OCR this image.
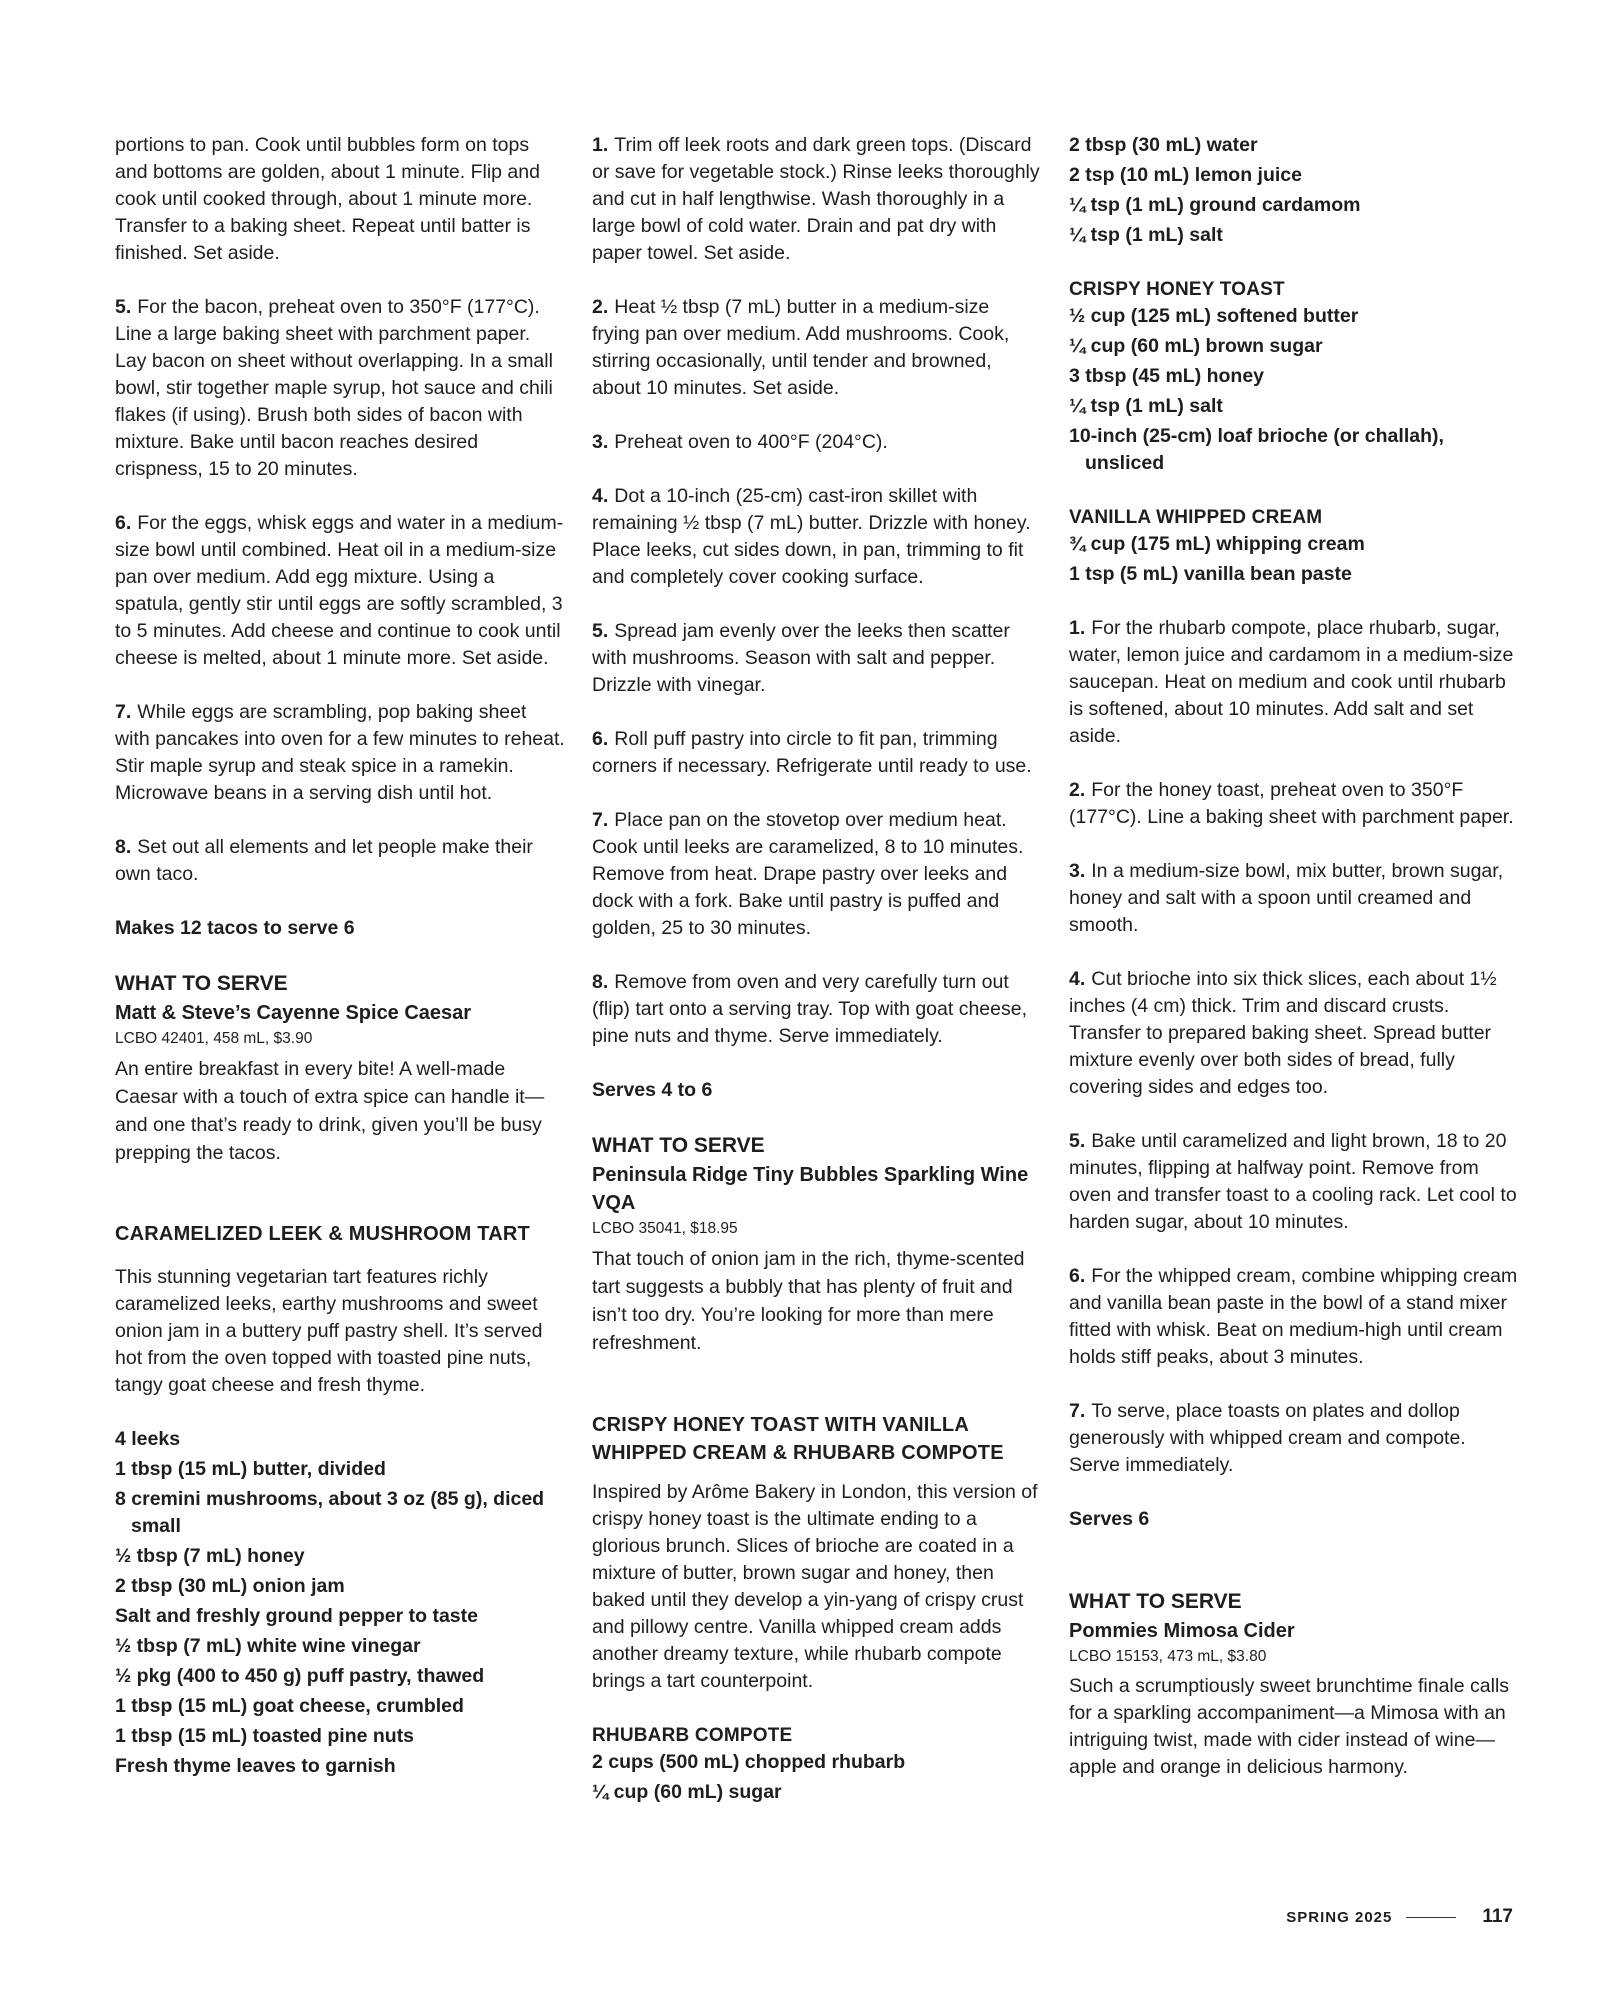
portions to pan. Cook until bubbles form on tops and bottoms are golden, about 1 minute. Flip and cook until cooked through, about 1 minute more. Transfer to a baking sheet. Repeat until batter is finished. Set aside.

5. For the bacon, preheat oven to 350°F (177°C). Line a large baking sheet with parchment paper. Lay bacon on sheet without overlapping. In a small bowl, stir together maple syrup, hot sauce and chili flakes (if using). Brush both sides of bacon with mixture. Bake until bacon reaches desired crispness, 15 to 20 minutes.

6. For the eggs, whisk eggs and water in a medium-size bowl until combined. Heat oil in a medium-size pan over medium. Add egg mixture. Using a spatula, gently stir until eggs are softly scrambled, 3 to 5 minutes. Add cheese and continue to cook until cheese is melted, about 1 minute more. Set aside.

7. While eggs are scrambling, pop baking sheet with pancakes into oven for a few minutes to reheat. Stir maple syrup and steak spice in a ramekin. Microwave beans in a serving dish until hot.

8. Set out all elements and let people make their own taco.

Makes 12 tacos to serve 6

WHAT TO SERVE
Matt & Steve’s Cayenne Spice Caesar
LCBO 42401, 458 mL, $3.90

An entire breakfast in every bite! A well-made Caesar with a touch of extra spice can handle it—and one that’s ready to drink, given you’ll be busy prepping the tacos.

CARAMELIZED LEEK & MUSHROOM TART

This stunning vegetarian tart features richly caramelized leeks, earthy mushrooms and sweet onion jam in a buttery puff pastry shell. It’s served hot from the oven topped with toasted pine nuts, tangy goat cheese and fresh thyme.

4 leeks
1 tbsp (15 mL) butter, divided
8 cremini mushrooms, about 3 oz (85 g), diced small
½ tbsp (7 mL) honey
2 tbsp (30 mL) onion jam
Salt and freshly ground pepper to taste
½ tbsp (7 mL) white wine vinegar
½ pkg (400 to 450 g) puff pastry, thawed
1 tbsp (15 mL) goat cheese, crumbled
1 tbsp (15 mL) toasted pine nuts
Fresh thyme leaves to garnish

1. Trim off leek roots and dark green tops. (Discard or save for vegetable stock.) Rinse leeks thoroughly and cut in half lengthwise. Wash thoroughly in a large bowl of cold water. Drain and pat dry with paper towel. Set aside.

2. Heat ½ tbsp (7 mL) butter in a medium-size frying pan over medium. Add mushrooms. Cook, stirring occasionally, until tender and browned, about 10 minutes. Set aside.

3. Preheat oven to 400°F (204°C).

4. Dot a 10-inch (25-cm) cast-iron skillet with remaining ½ tbsp (7 mL) butter. Drizzle with honey. Place leeks, cut sides down, in pan, trimming to fit and completely cover cooking surface.

5. Spread jam evenly over the leeks then scatter with mushrooms. Season with salt and pepper. Drizzle with vinegar.

6. Roll puff pastry into circle to fit pan, trimming corners if necessary. Refrigerate until ready to use.

7. Place pan on the stovetop over medium heat. Cook until leeks are caramelized, 8 to 10 minutes. Remove from heat. Drape pastry over leeks and dock with a fork. Bake until pastry is puffed and golden, 25 to 30 minutes.

8. Remove from oven and very carefully turn out (flip) tart onto a serving tray. Top with goat cheese, pine nuts and thyme. Serve immediately.

Serves 4 to 6

WHAT TO SERVE
Peninsula Ridge Tiny Bubbles Sparkling Wine VQA
LCBO 35041, $18.95

That touch of onion jam in the rich, thyme-scented tart suggests a bubbly that has plenty of fruit and isn’t too dry. You’re looking for more than mere refreshment.

CRISPY HONEY TOAST WITH VANILLA WHIPPED CREAM & RHUBARB COMPOTE

Inspired by Arôme Bakery in London, this version of crispy honey toast is the ultimate ending to a glorious brunch. Slices of brioche are coated in a mixture of butter, brown sugar and honey, then baked until they develop a yin-yang of crispy crust and pillowy centre. Vanilla whipped cream adds another dreamy texture, while rhubarb compote brings a tart counterpoint.

RHUBARB COMPOTE
2 cups (500 mL) chopped rhubarb
¼ cup (60 mL) sugar
2 tbsp (30 mL) water
2 tsp (10 mL) lemon juice
¼ tsp (1 mL) ground cardamom
¼ tsp (1 mL) salt
CRISPY HONEY TOAST
½ cup (125 mL) softened butter
¼ cup (60 mL) brown sugar
3 tbsp (45 mL) honey
¼ tsp (1 mL) salt
10-inch (25-cm) loaf brioche (or challah), unsliced
VANILLA WHIPPED CREAM
¾ cup (175 mL) whipping cream
1 tsp (5 mL) vanilla bean paste

1. For the rhubarb compote, place rhubarb, sugar, water, lemon juice and cardamom in a medium-size saucepan. Heat on medium and cook until rhubarb is softened, about 10 minutes. Add salt and set aside.

2. For the honey toast, preheat oven to 350°F (177°C). Line a baking sheet with parchment paper.

3. In a medium-size bowl, mix butter, brown sugar, honey and salt with a spoon until creamed and smooth.

4. Cut brioche into six thick slices, each about 1½ inches (4 cm) thick. Trim and discard crusts. Transfer to prepared baking sheet. Spread butter mixture evenly over both sides of bread, fully covering sides and edges too.

5. Bake until caramelized and light brown, 18 to 20 minutes, flipping at halfway point. Remove from oven and transfer toast to a cooling rack. Let cool to harden sugar, about 10 minutes.

6. For the whipped cream, combine whipping cream and vanilla bean paste in the bowl of a stand mixer fitted with whisk. Beat on medium-high until cream holds stiff peaks, about 3 minutes.

7. To serve, place toasts on plates and dollop generously with whipped cream and compote. Serve immediately.

Serves 6

WHAT TO SERVE
Pommies Mimosa Cider
LCBO 15153, 473 mL, $3.80

Such a scrumptiously sweet brunchtime finale calls for a sparkling accompaniment—a Mimosa with an intriguing twist, made with cider instead of wine—apple and orange in delicious harmony.

SPRING 2025	117
